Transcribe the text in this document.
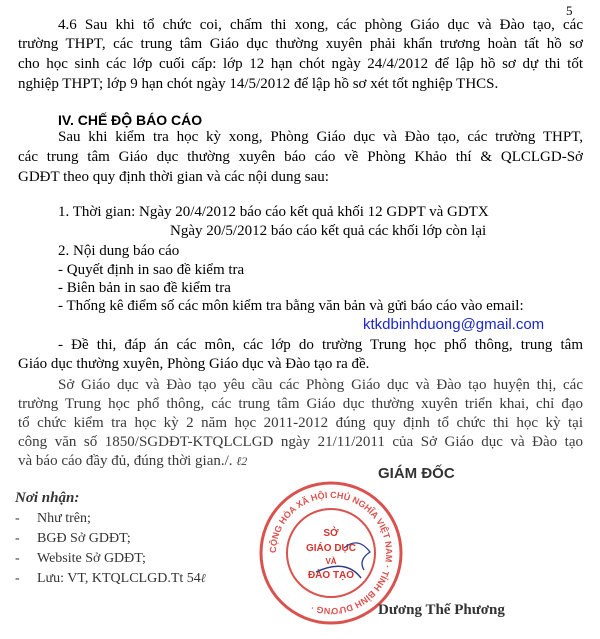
5
4.6 Sau khi tổ chức coi, chấm thi xong, các phòng Giáo dục và Đào tạo, các
trường THPT, các trung tâm Giáo dục thường xuyên phải khẩn trương hoàn tất hồ sơ
cho học sinh các lớp cuối cấp: lớp 12 hạn chót ngày 24/4/2012 để lập hồ sơ dự thi tốt
nghiệp THPT; lớp 9 hạn chót ngày 14/5/2012 để lập hồ sơ xét tốt nghiệp THCS.
IV. CHẾ ĐỘ BÁO CÁO
Sau khi kiểm tra học kỳ xong, Phòng Giáo dục và Đào tạo, các trường THPT,
các trung tâm Giáo dục thường xuyên báo cáo về Phòng Khảo thí & QLCLGD-Sở
GDĐT theo quy định thời gian và các nội dung sau:
1. Thời gian: Ngày 20/4/2012 báo cáo kết quả khối 12 GDPT và GDTX
Ngày 20/5/2012 báo cáo kết quả các khối lớp còn lại
2. Nội dung báo cáo
- Quyết định in sao đề kiểm tra
- Biên bản in sao đề kiểm tra
- Thống kê điểm số các môn kiểm tra bằng văn bản và gửi báo cáo vào email:
ktkdbinhduong@gmail.com
- Đề thi, đáp án các môn, các lớp do trường Trung học phổ thông, trung tâm
Giáo dục thường xuyên, Phòng Giáo dục và Đào tạo ra đề.
Sở Giáo dục và Đào tạo yêu cầu các Phòng Giáo dục và Đào tạo huyện thị, các
trường Trung học phổ thông, các trung tâm Giáo dục thường xuyên triển khai, chỉ đạo
tổ chức kiểm tra học kỳ 2 năm học 2011-2012 đúng quy định tổ chức thi học kỳ tại
công văn số 1850/SGDĐT-KTQLCLGD ngày 21/11/2011 của Sở Giáo dục và Đào tạo
và báo cáo đầy đủ, đúng thời gian./. ℓ2
GIÁM ĐỐC
Nơi nhận:
- Như trên;
- BGĐ Sở GDĐT;
- Website Sở GDĐT;
- Lưu: VT, KTQLCLGD.Tt 54ℓ
CỘNG HÒA XÃ HỘI CHỦ NGHĨA VIỆT NAM · TỈNH BÌNH DƯƠNG ·
SỞ
GIÁO DỤC
VÀ
ĐÀO TẠO
Dương Thế Phương
